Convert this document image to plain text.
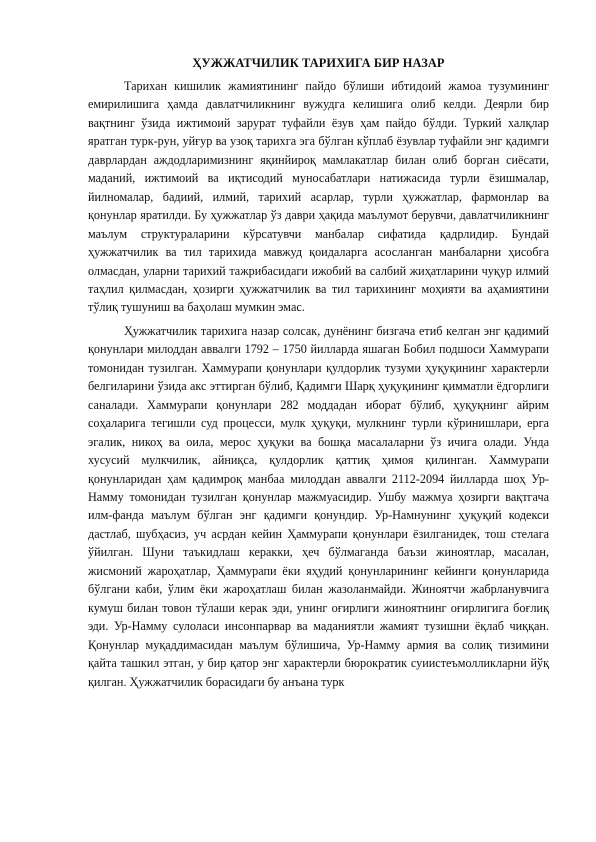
ҲУЖЖАТЧИЛИК ТАРИХИГА БИР НАЗАР

Тарихан кишилик жамиятининг пайдо бўлиши ибтидоий жамоа тузумининг емирилишига ҳамда давлатчиликнинг вужудга келишига олиб келди. Деярли бир вақтнинг ўзида ижтимоий зарурат туфайли ёзув ҳам пайдо бўлди. Туркий халқлар яратган турк-рун, уйғур ва узоқ тарихга эга бўлган кўплаб ёзувлар туфайли энг қадимги даврлардан аждодларимизнинг яқинйироқ мамлакатлар билан олиб борган сиёсати, маданий, ижтимоий ва иқтисодий муносабатлари натижасида турли ёзишмалар, йилномалар, бадиий, илмий, тарихий асарлар, турли ҳужжатлар, фармонлар ва қонунлар яратилди. Бу ҳужжатлар ўз даври ҳақида маълумот берувчи, давлатчиликнинг маълум структураларини кўрсатувчи манбалар сифатида қадрлидир. Бундай ҳужжатчилик ва тил тарихида мавжуд қоидаларга асосланган манбаларни ҳисобга олмасдан, уларни тарихий тажрибасидаги ижобий ва салбий жиҳатларини чуқур илмий таҳлил қилмасдан, ҳозирги ҳужжатчилик ва тил тарихининг моҳияти ва аҳамиятини тўлиқ тушуниш ва баҳолаш мумкин эмас.

Ҳужжатчилик тарихига назар солсак, дунёнинг бизгача етиб келган энг қадимий қонунлари милоддан аввалги 1792 – 1750 йилларда яшаган Бобил подшоси Хаммурапи томонидан тузилган. Хаммурапи қонунлари қулдорлик тузуми ҳуқуқининг характерли белгиларини ўзида акс эттирган бўлиб, Қадимги Шарқ ҳуқуқининг қимматли ёдгорлиги саналади. Хаммурапи қонунлари 282 моддадан иборат бўлиб, ҳуқуқнинг айрим соҳаларига тегишли суд процесси, мулк ҳуқуқи, мулкнинг турли кўринишлари, ерга эгалик, никоҳ ва оила, мерос ҳуқуки ва бошқа масалаларни ўз ичига олади. Унда хусусий мулкчилик, айниқса, қулдорлик қаттиқ ҳимоя қилинган. Хаммурапи қонунларидан ҳам қадимроқ манбаа милоддан аввалги 2112-2094 йилларда шоҳ Ур-Намму томонидан тузилган қонунлар мажмуасидир. Ушбу мажмуа ҳозирги вақтгача илм-фанда маълум бўлган энг қадимги қонундир. Ур-Намнунинг ҳуқуқий кодекси дастлаб, шубҳасиз, уч асрдан кейин Ҳаммурапи қонунлари ёзилганидек, тош стелага ўйилган. Шуни таъкидлаш керакки, ҳеч бўлмаганда баъзи жиноятлар, масалан, жисмоний жароҳатлар, Ҳаммурапи ёки яҳудий қонунларининг кейинги қонунларида бўлгани каби, ўлим ёки жароҳатлаш билан жазоланмайди. Жиноятчи жабрланувчига кумуш билан товон тўлаши керак эди, унинг оғирлиги жиноятнинг оғирлигига боғлиқ эди. Ур-Намму сулоласи инсонпарвар ва маданиятли жамият тузишни ёқлаб чиққан. Қонунлар муқаддимасидан маълум бўлишича, Ур-Намму армия ва солиқ тизимини қайта ташкил этган, у бир қатор энг характерли бюрократик суиистеъмолликларни йўқ қилган. Ҳужжатчилик борасидаги бу анъана турк
